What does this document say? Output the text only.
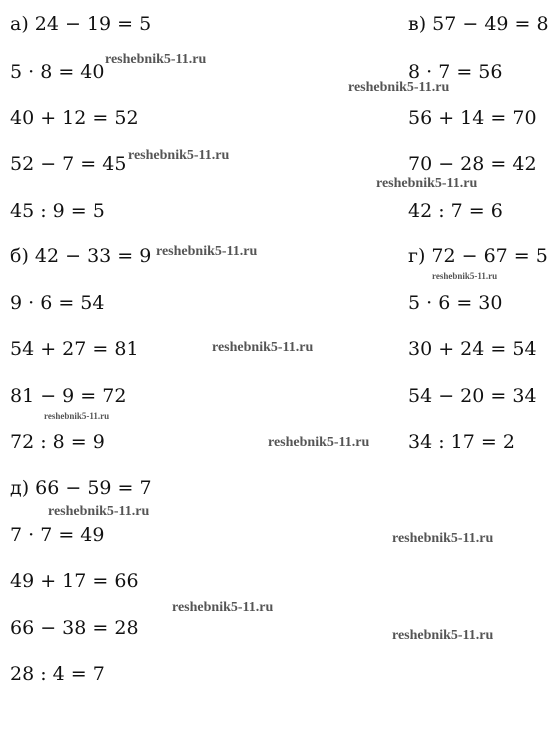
а) 24 − 19 = 5
5 · 8 = 40
40 + 12 = 52
52 − 7 = 45
45 : 9 = 5
в) 57 − 49 = 8
8 · 7 = 56
56 + 14 = 70
70 − 28 = 42
42 : 7 = 6
б) 42 − 33 = 9
9 · 6 = 54
54 + 27 = 81
81 − 9 = 72
72 : 8 = 9
г) 72 − 67 = 5
5 · 6 = 30
30 + 24 = 54
54 − 20 = 34
34 : 17 = 2
д) 66 − 59 = 7
7 · 7 = 49
49 + 17 = 66
66 − 38 = 28
28 : 4 = 7
reshebnik5-11.ru
reshebnik5-11.ru
reshebnik5-11.ru
reshebnik5-11.ru
reshebnik5-11.ru
reshebnik5-11.ru
reshebnik5-11.ru
reshebnik5-11.ru
reshebnik5-11.ru
reshebnik5-11.ru
reshebnik5-11.ru
reshebnik5-11.ru
reshebnik5-11.ru
